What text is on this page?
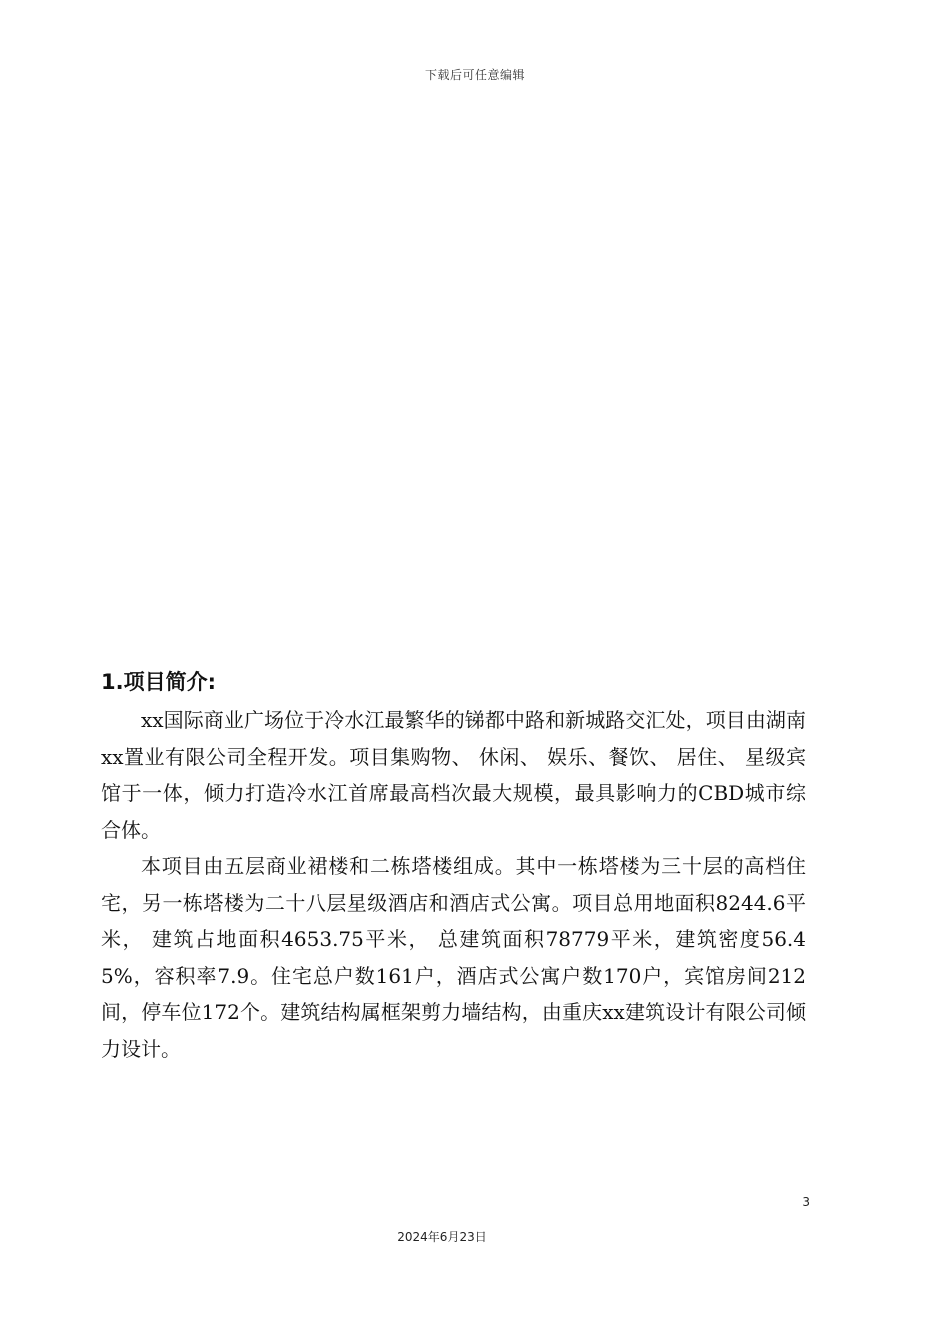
下载后可任意编辑
1.项目简介:

xx国际商业广场位于冷水江最繁华的锑都中路和新城路交汇处，项目由湖南xx置业有限公司全程开发。项目集购物、 休闲、 娱乐、餐饮、 居住、 星级宾馆于一体，倾力打造冷水江首席最高档次最大规模，最具影响力的CBD城市综合体。

本项目由五层商业裙楼和二栋塔楼组成。其中一栋塔楼为三十层的高档住宅，另一栋塔楼为二十八层星级酒店和酒店式公寓。项目总用地面积8244.6平米， 建筑占地面积4653.75平米， 总建筑面积78779平米，建筑密度56.45%，容积率7.9。住宅总户数161户，酒店式公寓户数170户，宾馆房间212间，停车位172个。建筑结构属框架剪力墙结构，由重庆xx建筑设计有限公司倾力设计。

3
2024年6月23日
